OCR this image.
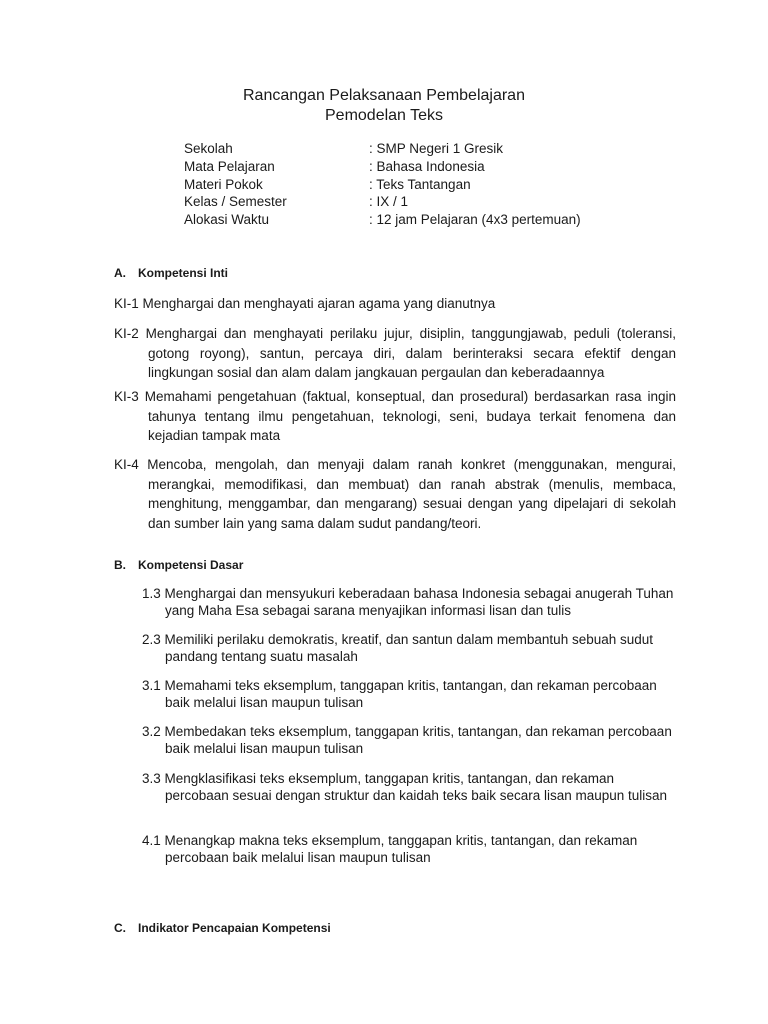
Rancangan Pelaksanaan Pembelajaran
Pemodelan Teks
Sekolah	: SMP Negeri 1 Gresik
Mata Pelajaran	: Bahasa Indonesia
Materi Pokok	: Teks Tantangan
Kelas / Semester	: IX / 1
Alokasi Waktu	: 12 jam Pelajaran (4x3 pertemuan)
A. Kompetensi Inti
KI-1 Menghargai dan menghayati ajaran agama yang dianutnya
KI-2 Menghargai dan menghayati perilaku jujur, disiplin, tanggungjawab, peduli (toleransi, gotong royong), santun, percaya diri, dalam berinteraksi secara efektif dengan lingkungan sosial dan alam dalam jangkauan pergaulan dan keberadaannya
KI-3 Memahami pengetahuan (faktual, konseptual, dan prosedural) berdasarkan rasa ingin tahunya tentang ilmu pengetahuan, teknologi, seni, budaya terkait fenomena dan kejadian tampak mata
KI-4 Mencoba, mengolah, dan menyaji dalam ranah konkret (menggunakan, mengurai, merangkai, memodifikasi, dan membuat) dan ranah abstrak (menulis, membaca, menghitung, menggambar, dan mengarang) sesuai dengan yang dipelajari di sekolah dan sumber lain yang sama dalam sudut pandang/teori.
B. Kompetensi Dasar
1.3 Menghargai dan mensyukuri keberadaan bahasa Indonesia sebagai anugerah Tuhan yang Maha Esa sebagai sarana menyajikan informasi lisan dan tulis
2.3 Memiliki perilaku demokratis, kreatif, dan santun dalam membantuh sebuah sudut pandang tentang suatu masalah
3.1 Memahami teks eksemplum, tanggapan kritis, tantangan, dan rekaman percobaan baik melalui lisan maupun tulisan
3.2 Membedakan teks eksemplum, tanggapan kritis, tantangan, dan rekaman percobaan baik melalui lisan maupun tulisan
3.3 Mengklasifikasi teks eksemplum, tanggapan kritis, tantangan, dan rekaman percobaan sesuai dengan struktur dan kaidah teks baik secara lisan maupun tulisan
4.1 Menangkap makna teks eksemplum, tanggapan kritis, tantangan, dan rekaman percobaan baik melalui lisan maupun tulisan
C. Indikator Pencapaian Kompetensi
